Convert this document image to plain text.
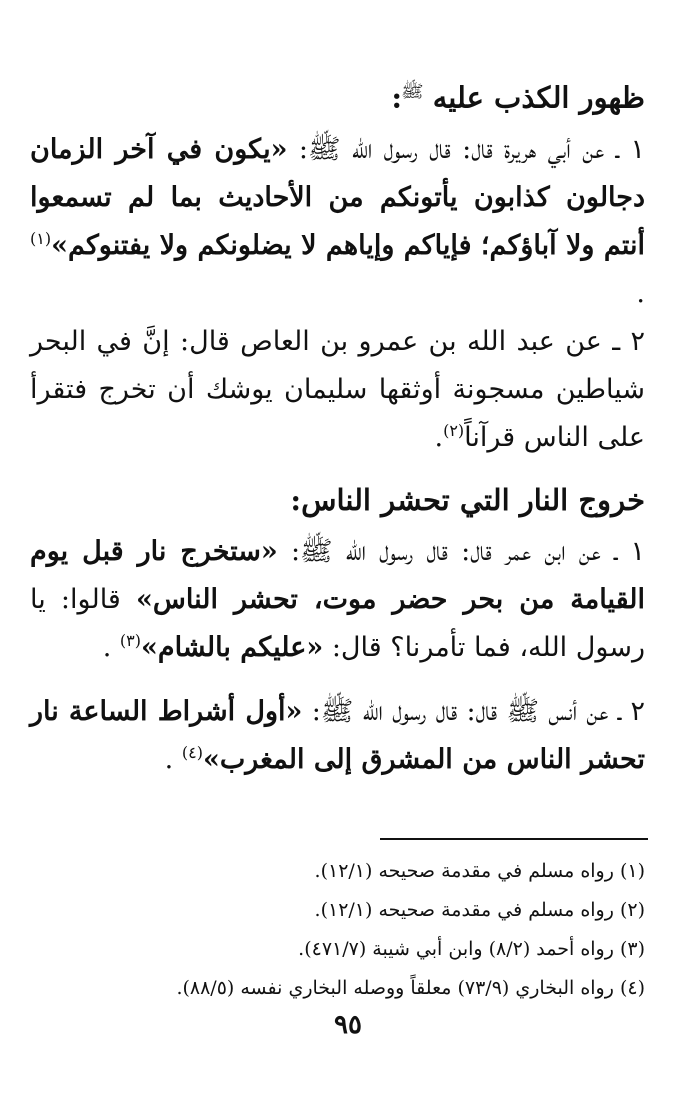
ظهور الكذب عليه ﷺ:

١ ـ عن أبي هريرة قال: قال رسول الله ﷺ: «يكون في آخر الزمان دجالون كذابون يأتونكم من الأحاديث بما لم تسمعوا أنتم ولا آباؤكم؛ فإياكم وإياهم لا يضلونكم ولا يفتنوكم»$^{(١)}$ .

٢ ـ عن عبد الله بن عمرو بن العاص قال: إنَّ في البحر شياطين مسجونة أوثقها سليمان يوشك أن تخرج فتقرأ على الناس قرآناً$^{(٢)}$.

خروج النار التي تحشر الناس:

١ ـ عن ابن عمر قال: قال رسول الله ﷺ: «ستخرج نار قبل يوم القيامة من بحر حضر موت، تحشر الناس» قالوا: يا رسول الله، فما تأمرنا؟ قال: «عليكم بالشام»$^{(٣)}$ .

٢ ـ عن أنس ﷺ قال: قال رسول الله ﷺ: «أول أشراط الساعة نار تحشر الناس من المشرق إلى المغرب»$^{(٤)}$ .

(١) رواه مسلم في مقدمة صحيحه (١٢/١).

(٢) رواه مسلم في مقدمة صحيحه (١٢/١).

(٣) رواه أحمد (٨/٢) وابن أبي شيبة (٤٧١/٧).

(٤) رواه البخاري (٧٣/٩) معلقاً ووصله البخاري نفسه (٨٨/٥).

٩٥
